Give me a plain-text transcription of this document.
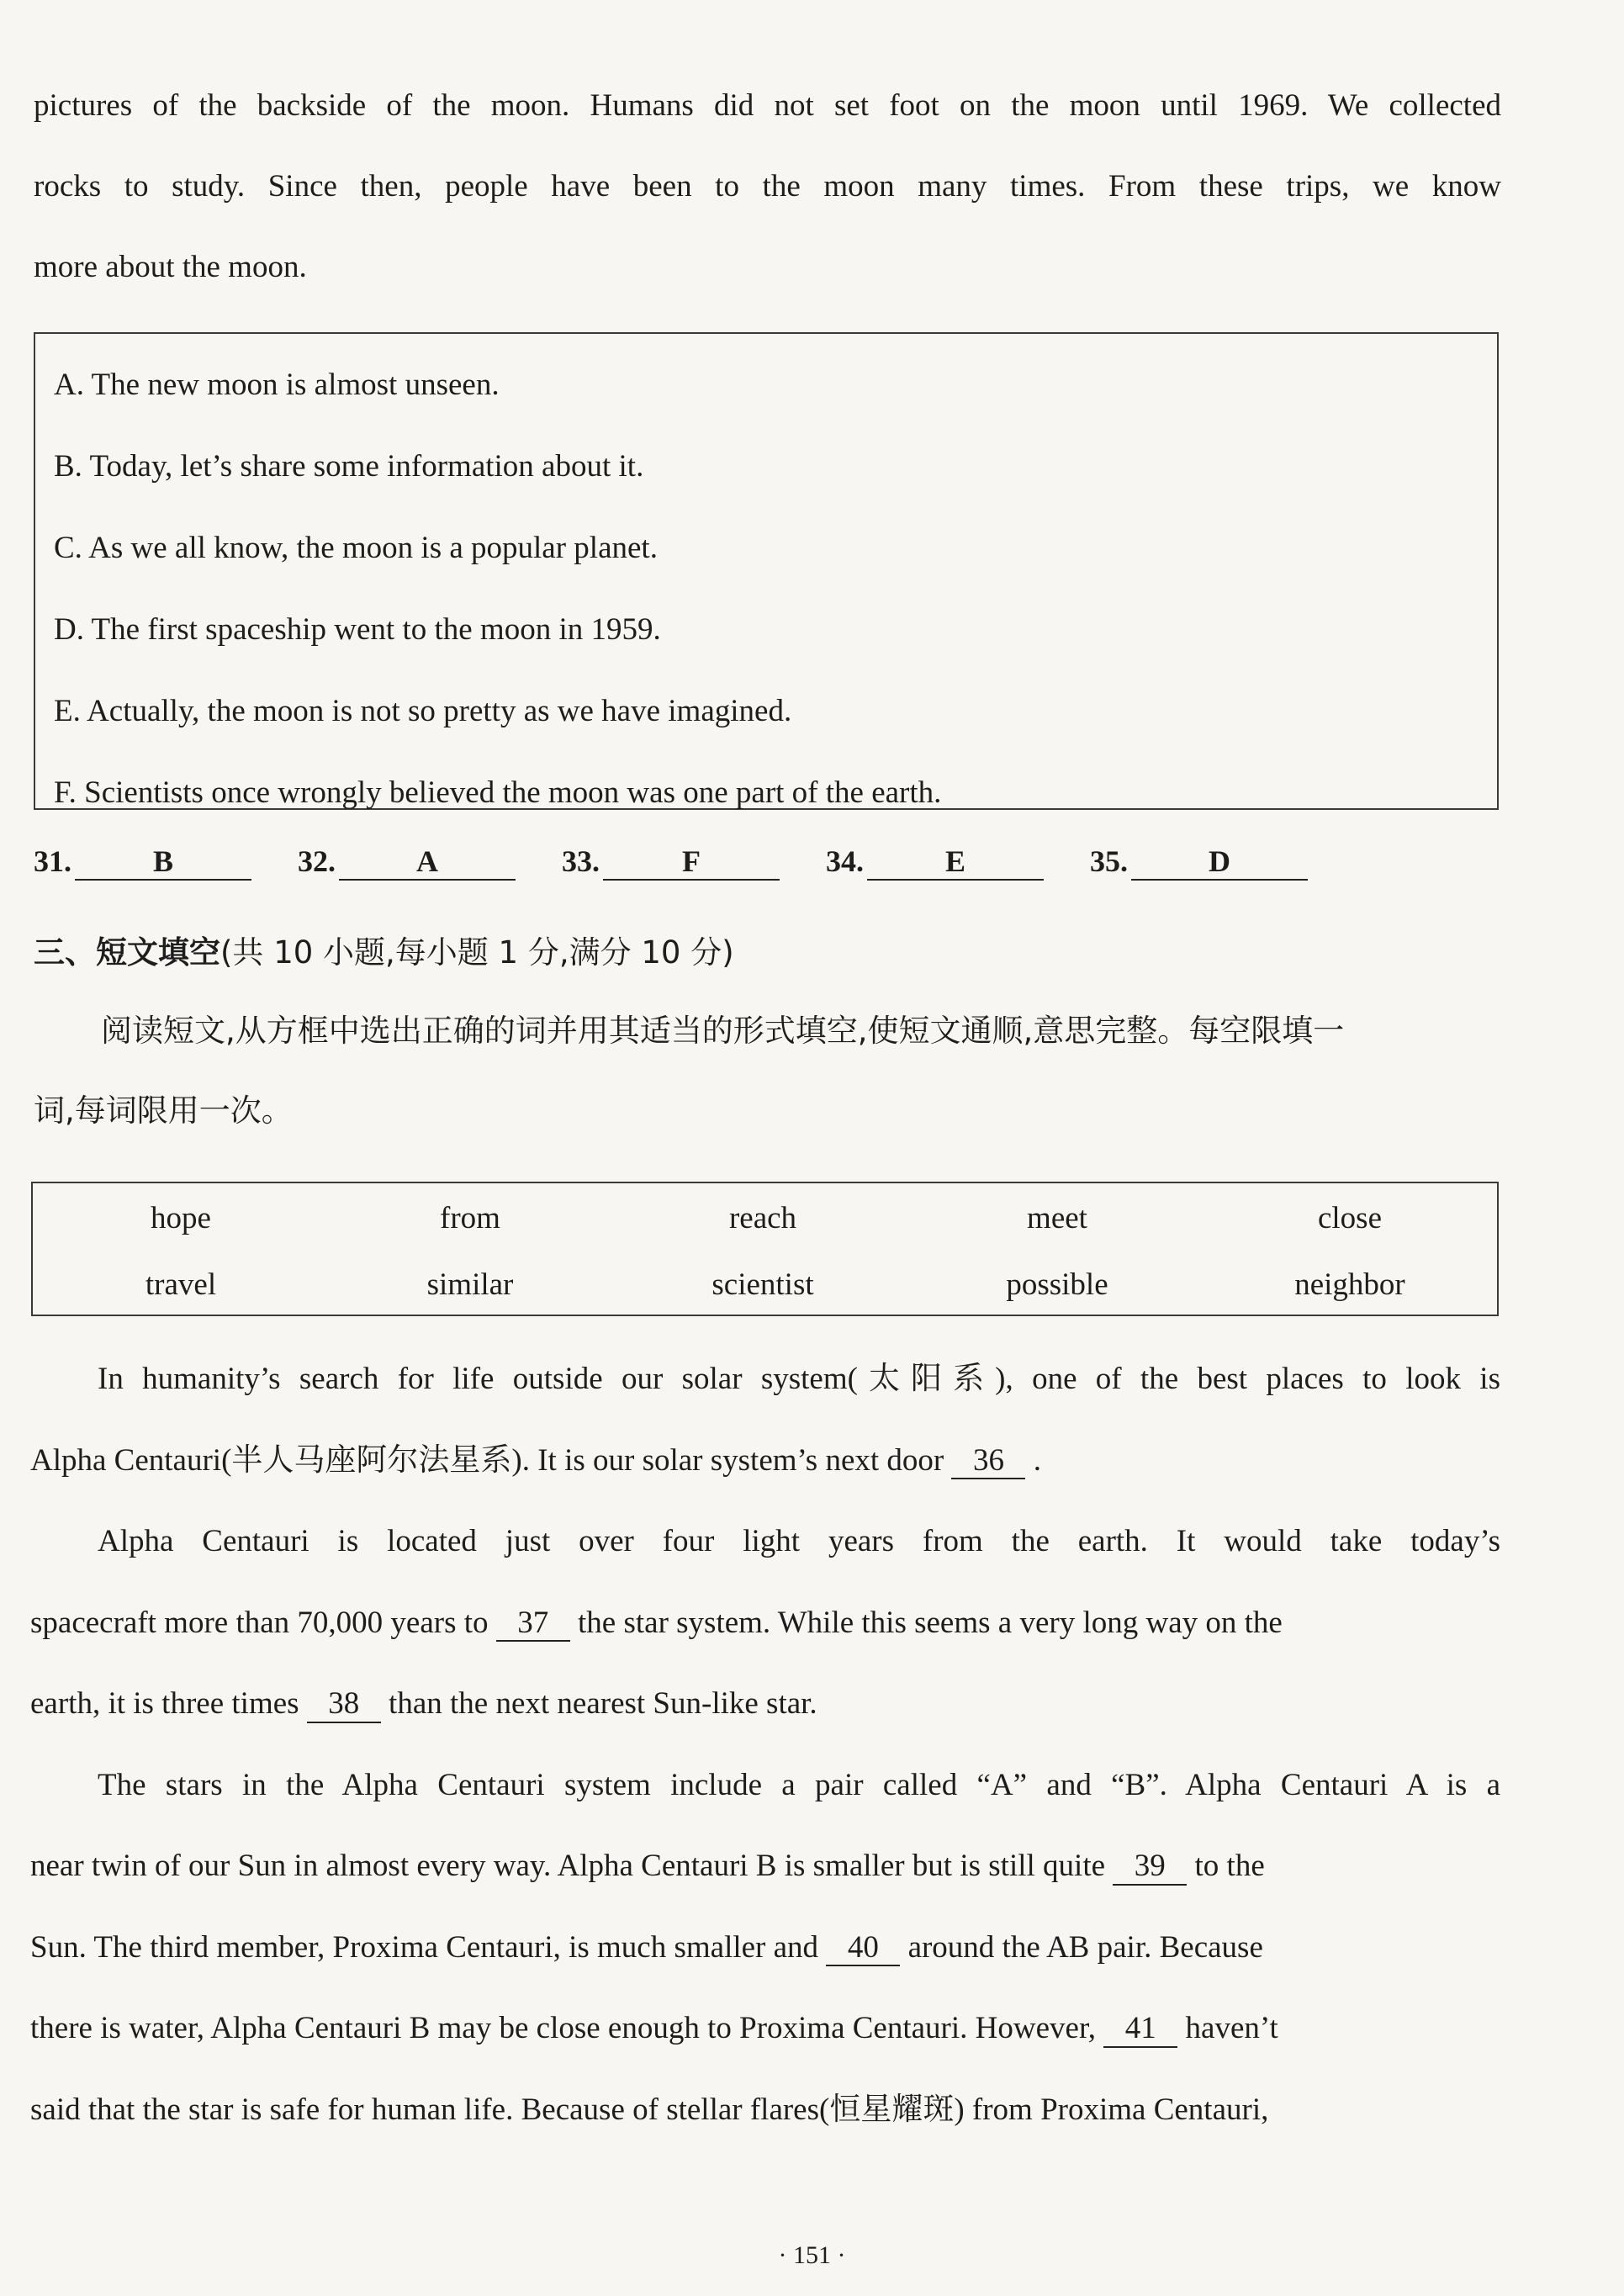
pictures of the backside of the moon. Humans did not set foot on the moon until 1969. We collected
rocks to study. Since then, people have been to the moon many times. From these trips, we know
more about the moon.
A. The new moon is almost unseen.
B. Today, let’s share some information about it.
C. As we all know, the moon is a popular planet.
D. The first spaceship went to the moon in 1959.
E. Actually, the moon is not so pretty as we have imagined.
F. Scientists once wrongly believed the moon was one part of the earth.
31.	B	32.	A	33.	F	34.	E	35.	D
三、短文填空(共 10 小题,每小题 1 分,满分 10 分)
阅读短文,从方框中选出正确的词并用其适当的形式填空,使短文通顺,意思完整。每空限填一
词,每词限用一次。
hope	from	reach	meet	close
travel	similar	scientist	possible	neighbor
In humanity’s search for life outside our solar system(太阳系), one of the best places to look is
Alpha Centauri(半人马座阿尔法星系). It is our solar system’s next door 36 .
Alpha Centauri is located just over four light years from the earth. It would take today’s
spacecraft more than 70,000 years to 37 the star system. While this seems a very long way on the
earth, it is three times 38 than the next nearest Sun-like star.
The stars in the Alpha Centauri system include a pair called “A” and “B”. Alpha Centauri A is a
near twin of our Sun in almost every way. Alpha Centauri B is smaller but is still quite 39 to the
Sun. The third member, Proxima Centauri, is much smaller and 40 around the AB pair. Because
there is water, Alpha Centauri B may be close enough to Proxima Centauri. However, 41 haven’t
said that the star is safe for human life. Because of stellar flares(恒星耀斑) from Proxima Centauri,
· 151 ·
